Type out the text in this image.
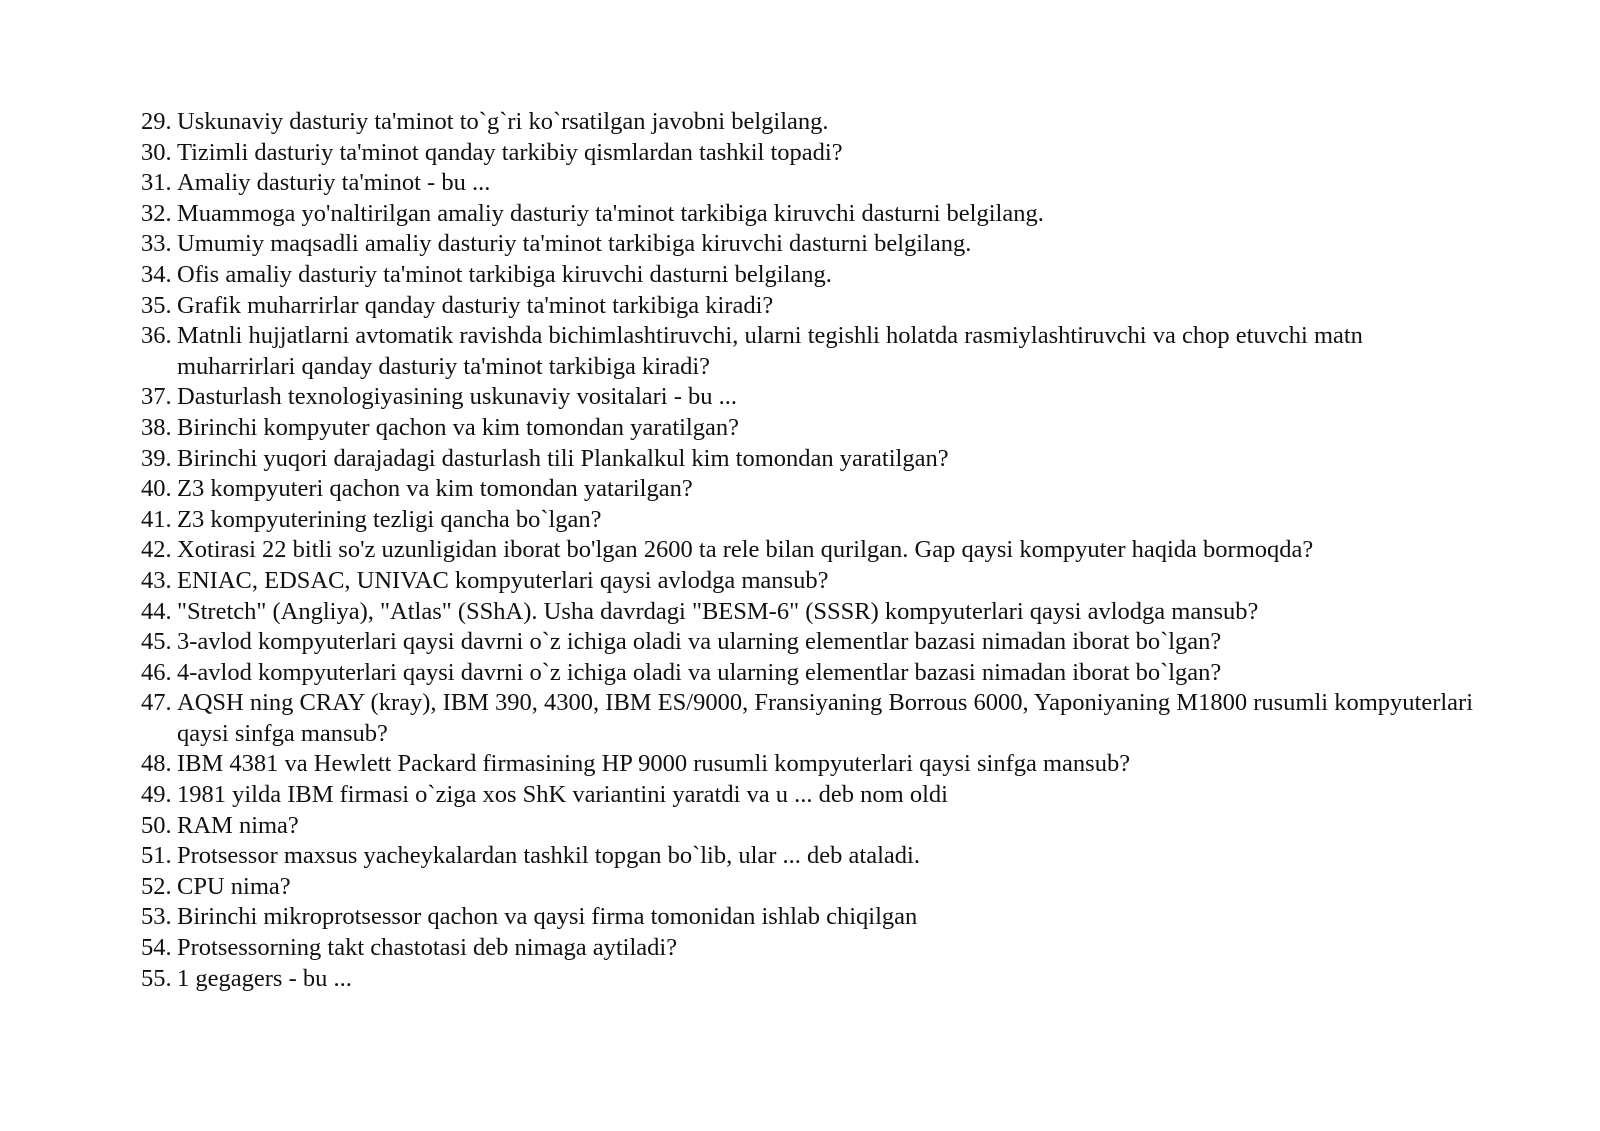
29. Uskunaviy dasturiy ta'minot to`g`ri ko`rsatilgan javobni belgilang.
30. Tizimli dasturiy ta'minot qanday tarkibiy qismlardan tashkil topadi?
31. Amaliy dasturiy ta'minot - bu ...
32. Muammoga yo'naltirilgan amaliy dasturiy ta'minot tarkibiga kiruvchi dasturni belgilang.
33. Umumiy maqsadli amaliy dasturiy ta'minot tarkibiga kiruvchi dasturni belgilang.
34. Ofis amaliy dasturiy ta'minot tarkibiga kiruvchi dasturni belgilang.
35. Grafik muharrirlar qanday dasturiy ta'minot tarkibiga kiradi?
36. Matnli hujjatlarni avtomatik ravishda bichimlashtiruvchi, ularni tegishli holatda rasmiylashtiruvchi va chop etuvchi matn muharrirlari qanday dasturiy ta'minot tarkibiga kiradi?
37. Dasturlash texnologiyasining uskunaviy vositalari - bu ...
38. Birinchi kompyuter qachon va kim tomondan yaratilgan?
39. Birinchi yuqori darajadagi dasturlash tili Plankalkul kim tomondan yaratilgan?
40. Z3 kompyuteri qachon va kim tomondan yatarilgan?
41. Z3 kompyuterining tezligi qancha bo`lgan?
42. Xotirasi 22 bitli so'z uzunligidan iborat bo'lgan 2600 ta rele bilan qurilgan. Gap qaysi kompyuter haqida bormoqda?
43. ENIAC, EDSAC, UNIVAC kompyuterlari qaysi avlodga mansub?
44. "Stretch" (Angliya), "Atlas" (SShA). Usha davrdagi "BESM-6" (SSSR) kompyuterlari qaysi avlodga mansub?
45. 3-avlod kompyuterlari qaysi davrni o`z ichiga oladi va ularning elementlar bazasi nimadan iborat bo`lgan?
46. 4-avlod kompyuterlari qaysi davrni o`z ichiga oladi va ularning elementlar bazasi nimadan iborat bo`lgan?
47. AQSH ning CRAY (kray), IBM 390, 4300, IBM ES/9000, Fransiyaning Borrous 6000, Yaponiyaning M1800 rusumli kompyuterlari qaysi sinfga mansub?
48. IBM 4381 va Hewlett Packard firmasining HP 9000 rusumli kompyuterlari qaysi sinfga mansub?
49. 1981 yilda IBM firmasi o`ziga xos ShK variantini yaratdi va u ... deb nom oldi
50. RAM nima?
51. Protsessor maxsus yacheykalardan tashkil topgan bo`lib, ular ... deb ataladi.
52. CPU nima?
53. Birinchi mikroprotsessor qachon va qaysi firma tomonidan ishlab chiqilgan
54. Protsessorning takt chastotasi deb nimaga aytiladi?
55. 1 gegagers - bu ...
